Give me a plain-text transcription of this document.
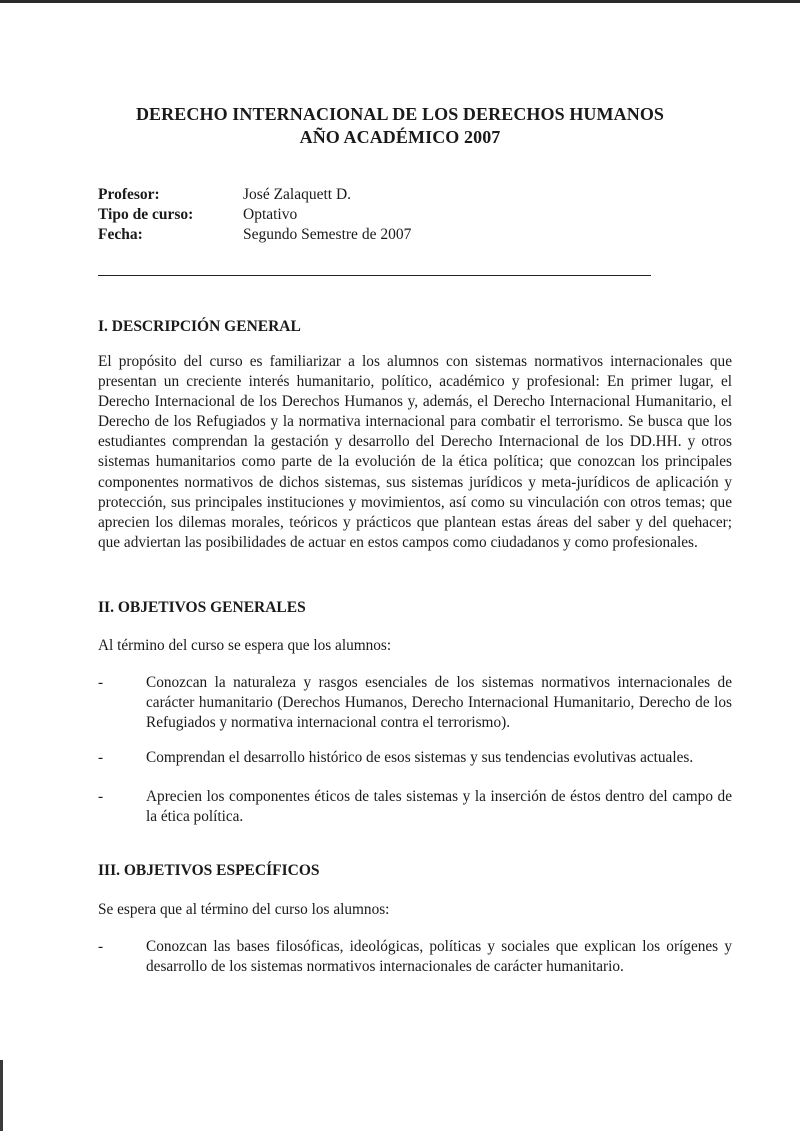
DERECHO INTERNACIONAL DE LOS DERECHOS HUMANOS
AÑO ACADÉMICO 2007
Profesor:	José Zalaquett D.
Tipo de curso:	Optativo
Fecha:	Segundo Semestre de 2007
I. DESCRIPCIÓN GENERAL
El propósito del curso es familiarizar a los alumnos con sistemas normativos internacionales que presentan un creciente interés humanitario, político, académico y profesional: En primer lugar, el Derecho Internacional de los Derechos Humanos y, además, el Derecho Internacional Humanitario, el Derecho de los Refugiados y la normativa internacional para combatir el terrorismo. Se busca que los estudiantes comprendan la gestación y desarrollo del Derecho Internacional de los DD.HH. y otros sistemas humanitarios como parte de la evolución de la ética política; que conozcan los principales componentes normativos de dichos sistemas, sus sistemas jurídicos y meta-jurídicos de aplicación y protección, sus principales instituciones y movimientos, así como su vinculación con otros temas; que aprecien los dilemas morales, teóricos y prácticos que plantean estas áreas del saber y del quehacer; que adviertan las posibilidades de actuar en estos campos como ciudadanos y como profesionales.
II. OBJETIVOS GENERALES
Al término del curso se espera que los alumnos:
-	Conozcan la naturaleza y rasgos esenciales de los sistemas normativos internacionales de carácter humanitario (Derechos Humanos, Derecho Internacional Humanitario, Derecho de los Refugiados y normativa internacional contra el terrorismo).
-	Comprendan el desarrollo histórico de esos sistemas y sus tendencias evolutivas actuales.
-	Aprecien los componentes éticos de tales sistemas y la inserción de éstos dentro del campo de la ética política.
III. OBJETIVOS ESPECÍFICOS
Se espera que al término del curso los alumnos:
-	Conozcan las bases filosóficas, ideológicas, políticas y sociales que explican los orígenes y desarrollo de los sistemas normativos internacionales de carácter humanitario.
